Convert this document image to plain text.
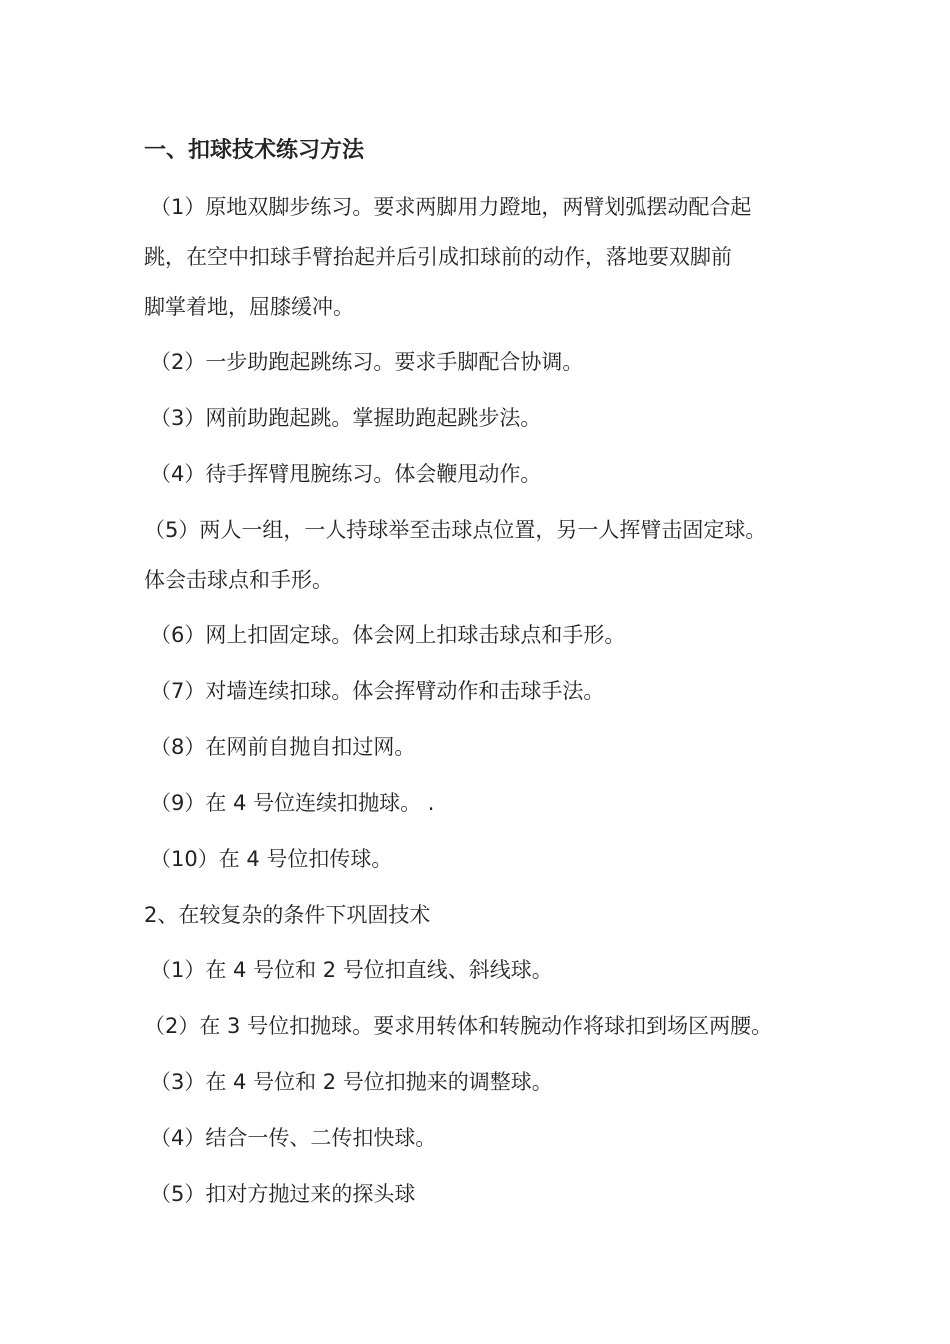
一、扣球技术练习方法
（1）原地双脚步练习。要求两脚用力蹬地，两臂划弧摆动配合起
跳，在空中扣球手臂抬起并后引成扣球前的动作，落地要双脚前
脚掌着地，屈膝缓冲。
（2）一步助跑起跳练习。要求手脚配合协调。
（3）网前助跑起跳。掌握助跑起跳步法。
（4）待手挥臂甩腕练习。体会鞭甩动作。
（5）两人一组，一人持球举至击球点位置，另一人挥臂击固定球。
体会击球点和手形。
（6）网上扣固定球。体会网上扣球击球点和手形。
（7）对墙连续扣球。体会挥臂动作和击球手法。
（8）在网前自抛自扣过网。
（9）在 4 号位连续扣抛球。 .
（10）在 4 号位扣传球。
2、在较复杂的条件下巩固技术
（1）在 4 号位和 2 号位扣直线、斜线球。
（2）在 3 号位扣抛球。要求用转体和转腕动作将球扣到场区两腰。
（3）在 4 号位和 2 号位扣抛来的调整球。
（4）结合一传、二传扣快球。
（5）扣对方抛过来的探头球
